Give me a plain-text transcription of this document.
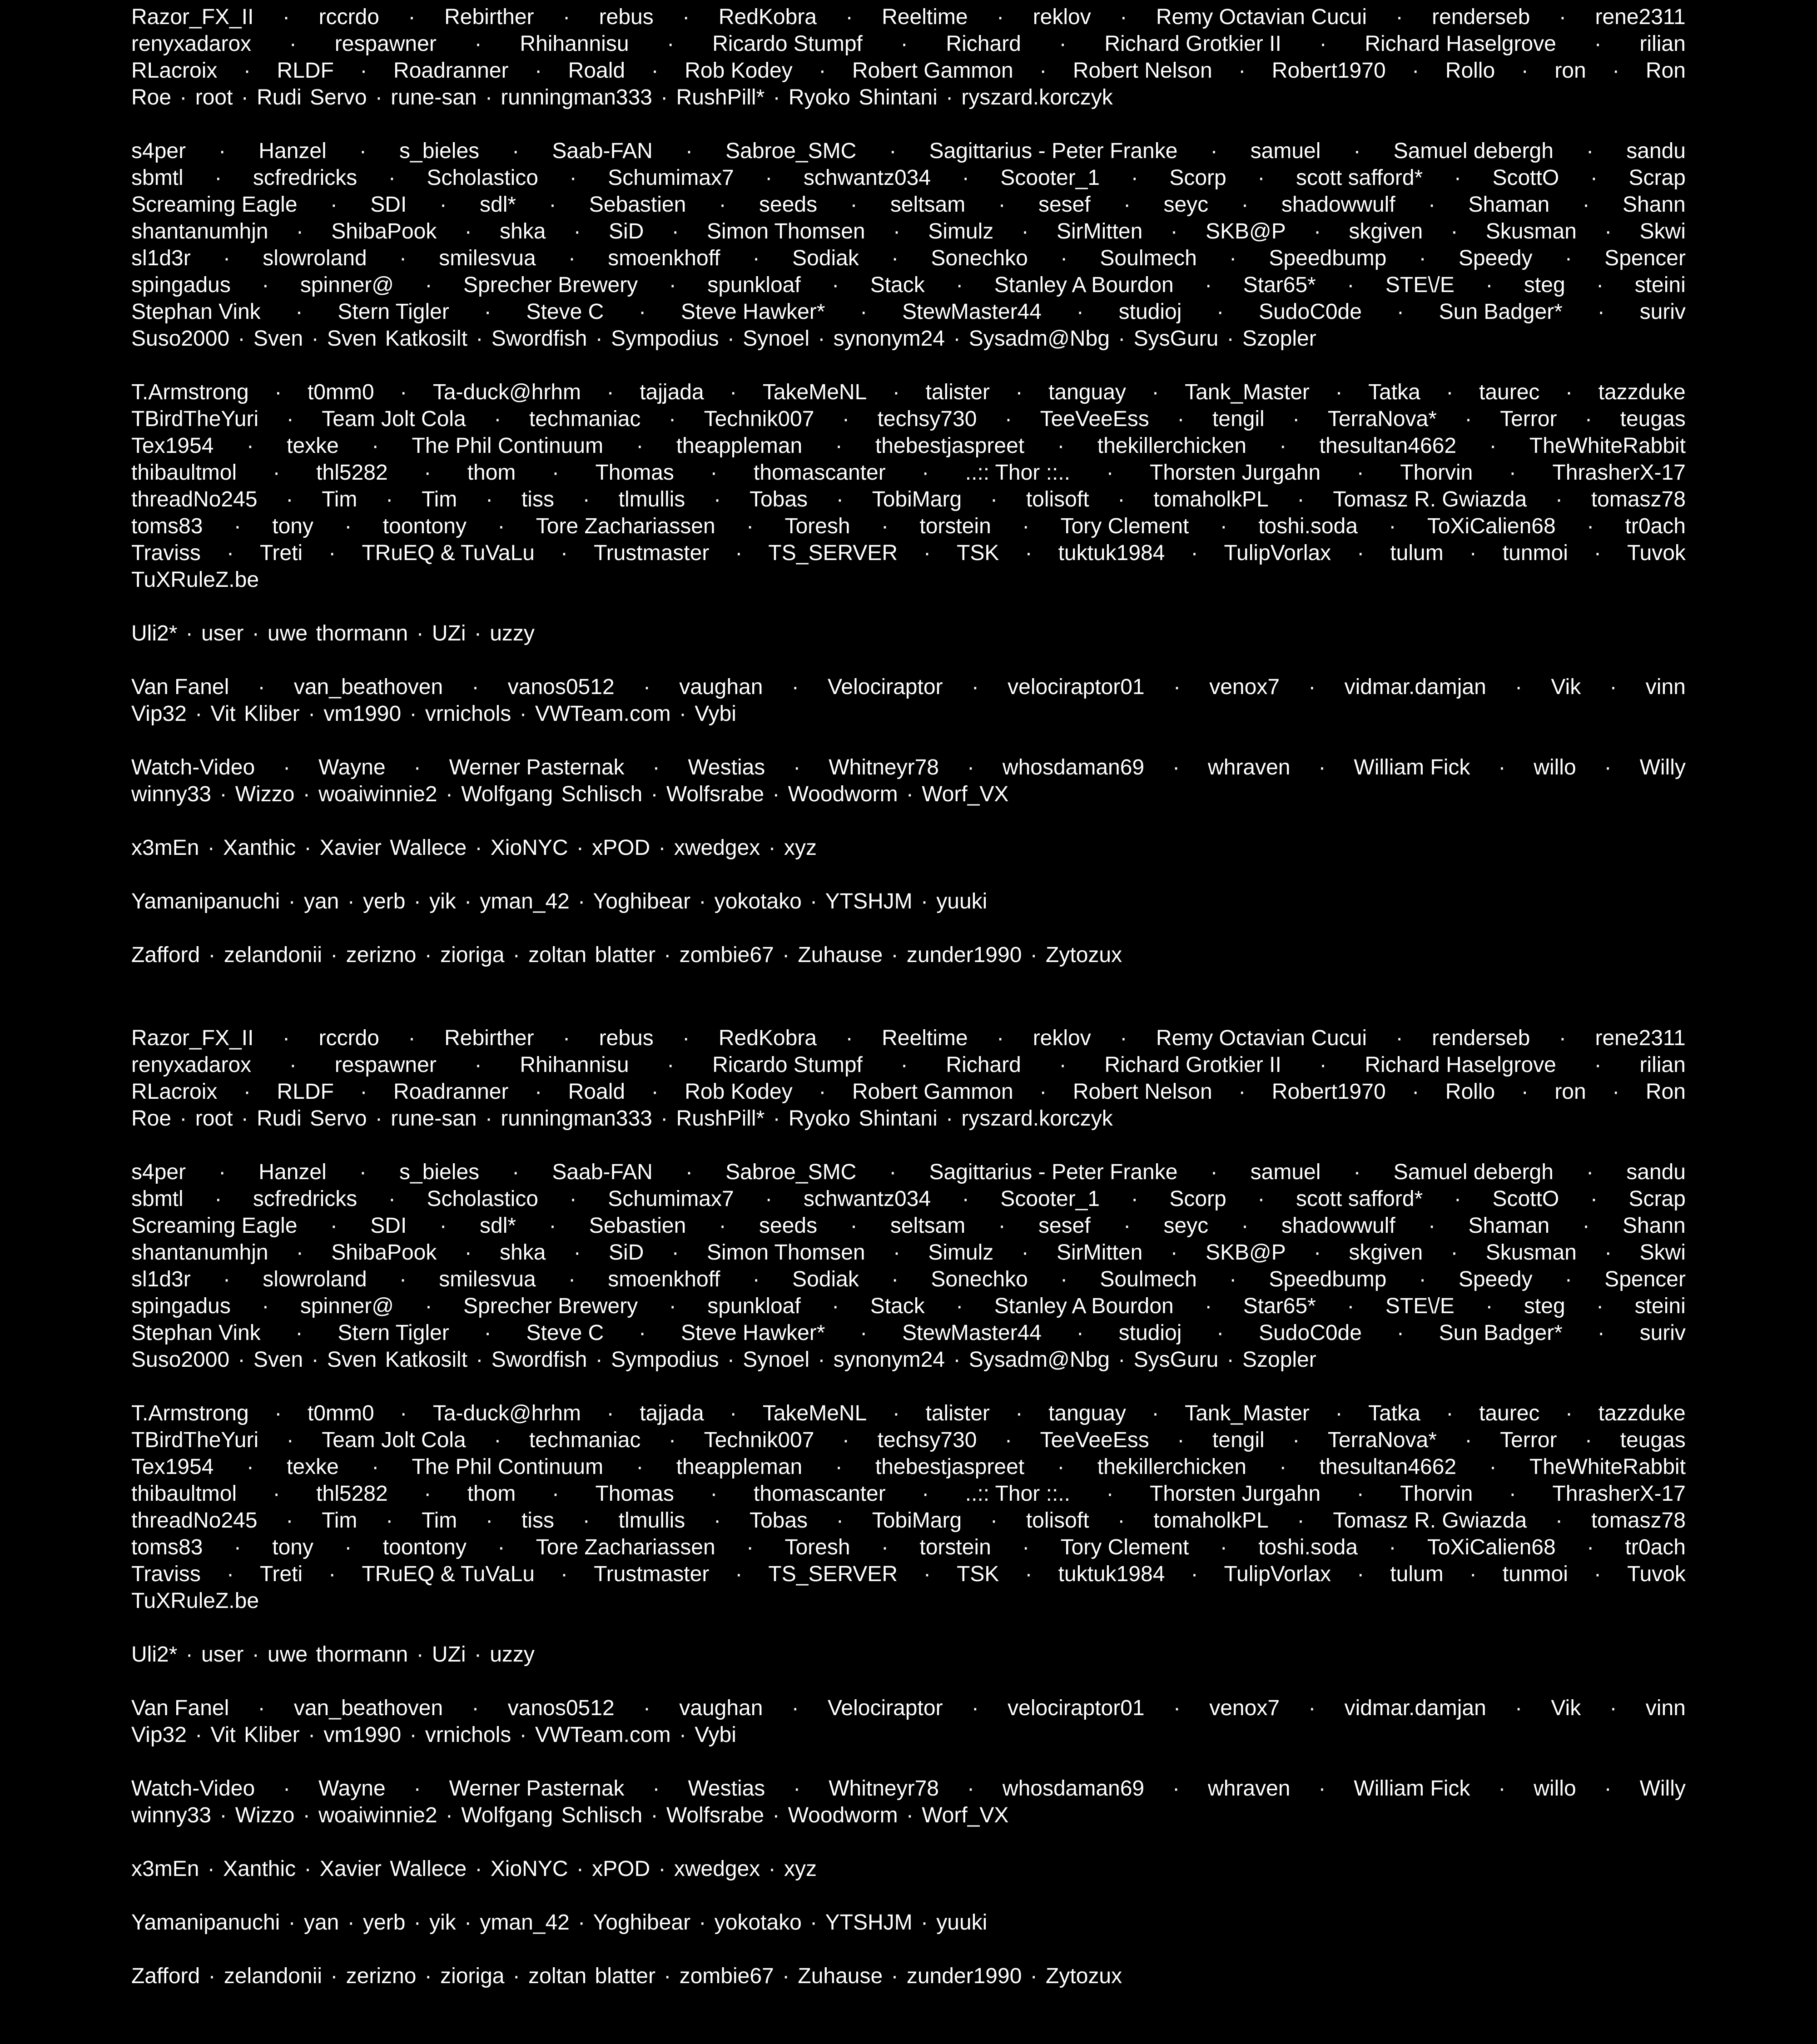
Razor_FX_II · rccrdo · Rebirther · rebus · RedKobra · Reeltime · reklov · Remy Octavian Cucui · renderseb · rene2311
renyxadarox · respawner · Rhihannisu · Ricardo Stumpf · Richard · Richard Grotkier II · Richard Haselgrove · rilian
RLacroix · RLDF · Roadranner · Roald · Rob Kodey · Robert Gammon · Robert Nelson · Robert1970 · Rollo · ron · Ron
Roe · root · Rudi Servo · rune-san · runningman333 · RushPill* · Ryoko Shintani · ryszard.korczyk

s4per · Hanzel · s_bieles · Saab-FAN · Sabroe_SMC · Sagittarius - Peter Franke · samuel · Samuel debergh · sandu
sbmtl · scfredricks · Scholastico · Schumimax7 · schwantz034 · Scooter_1 · Scorp · scott safford* · ScottO · Scrap
Screaming Eagle · SDI · sdl* · Sebastien · seeds · seltsam · sesef · seyc · shadowwulf · Shaman · Shann
shantanumhjn · ShibaPook · shka · SiD · Simon Thomsen · Simulz · SirMitten · SKB@P · skgiven · Skusman · Skwi
sl1d3r · slowroland · smilesvua · smoenkhoff · Sodiak · Sonechko · Soulmech · Speedbump · Speedy · Spencer
spingadus · spinner@ · Sprecher Brewery · spunkloaf · Stack · Stanley A Bourdon · Star65* · STE\/E · steg · steini
Stephan Vink · Stern Tigler · Steve C · Steve Hawker* · StewMaster44 · studioj · SudoC0de · Sun Badger* · suriv
Suso2000 · Sven · Sven Katkosilt · Swordfish · Sympodius · Synoel · synonym24 · Sysadm@Nbg · SysGuru · Szopler

T.Armstrong · t0mm0 · Ta-duck@hrhm · tajjada · TakeMeNL · talister · tanguay · Tank_Master · Tatka · taurec · tazzduke
TBirdTheYuri · Team Jolt Cola · techmaniac · Technik007 · techsy730 · TeeVeeEss · tengil · TerraNova* · Terror · teugas
Tex1954 · texke · The Phil Continuum · theappleman · thebestjaspreet · thekillerchicken · thesultan4662 · TheWhiteRabbit
thibaultmol · thl5282 · thom · Thomas · thomascanter · ..:: Thor ::.. · Thorsten Jurgahn · Thorvin · ThrasherX-17
threadNo245 · Tim · Tim · tiss · tlmullis · Tobas · TobiMarg · tolisoft · tomaholkPL · Tomasz R. Gwiazda · tomasz78
toms83 · tony · toontony · Tore Zachariassen · Toresh · torstein · Tory Clement · toshi.soda · ToXiCalien68 · tr0ach
Traviss · Treti · TRuEQ & TuVaLu · Trustmaster · TS_SERVER · TSK · tuktuk1984 · TulipVorlax · tulum · tunmoi · Tuvok
TuXRuleZ.be

Uli2* · user · uwe thormann · UZi · uzzy

Van Fanel · van_beathoven · vanos0512 · vaughan · Velociraptor · velociraptor01 · venox7 · vidmar.damjan · Vik · vinn
Vip32 · Vit Kliber · vm1990 · vrnichols · VWTeam.com · Vybi

Watch-Video · Wayne · Werner Pasternak · Westias · Whitneyr78 · whosdaman69 · whraven · William Fick · willo · Willy
winny33 · Wizzo · woaiwinnie2 · Wolfgang Schlisch · Wolfsrabe · Woodworm · Worf_VX

x3mEn · Xanthic · Xavier Wallece · XioNYC · xPOD · xwedgex · xyz

Yamanipanuchi · yan · yerb · yik · yman_42 · Yoghibear · yokotako · YTSHJM · yuuki

Zafford · zelandonii · zerizno · zioriga · zoltan blatter · zombie67 · Zuhause · zunder1990 · Zytozux

Razor_FX_II · rccrdo · Rebirther · rebus · RedKobra · Reeltime · reklov · Remy Octavian Cucui · renderseb · rene2311
renyxadarox · respawner · Rhihannisu · Ricardo Stumpf · Richard · Richard Grotkier II · Richard Haselgrove · rilian
RLacroix · RLDF · Roadranner · Roald · Rob Kodey · Robert Gammon · Robert Nelson · Robert1970 · Rollo · ron · Ron
Roe · root · Rudi Servo · rune-san · runningman333 · RushPill* · Ryoko Shintani · ryszard.korczyk

s4per · Hanzel · s_bieles · Saab-FAN · Sabroe_SMC · Sagittarius - Peter Franke · samuel · Samuel debergh · sandu
sbmtl · scfredricks · Scholastico · Schumimax7 · schwantz034 · Scooter_1 · Scorp · scott safford* · ScottO · Scrap
Screaming Eagle · SDI · sdl* · Sebastien · seeds · seltsam · sesef · seyc · shadowwulf · Shaman · Shann
shantanumhjn · ShibaPook · shka · SiD · Simon Thomsen · Simulz · SirMitten · SKB@P · skgiven · Skusman · Skwi
sl1d3r · slowroland · smilesvua · smoenkhoff · Sodiak · Sonechko · Soulmech · Speedbump · Speedy · Spencer
spingadus · spinner@ · Sprecher Brewery · spunkloaf · Stack · Stanley A Bourdon · Star65* · STE\/E · steg · steini
Stephan Vink · Stern Tigler · Steve C · Steve Hawker* · StewMaster44 · studioj · SudoC0de · Sun Badger* · suriv
Suso2000 · Sven · Sven Katkosilt · Swordfish · Sympodius · Synoel · synonym24 · Sysadm@Nbg · SysGuru · Szopler

T.Armstrong · t0mm0 · Ta-duck@hrhm · tajjada · TakeMeNL · talister · tanguay · Tank_Master · Tatka · taurec · tazzduke
TBirdTheYuri · Team Jolt Cola · techmaniac · Technik007 · techsy730 · TeeVeeEss · tengil · TerraNova* · Terror · teugas
Tex1954 · texke · The Phil Continuum · theappleman · thebestjaspreet · thekillerchicken · thesultan4662 · TheWhiteRabbit
thibaultmol · thl5282 · thom · Thomas · thomascanter · ..:: Thor ::.. · Thorsten Jurgahn · Thorvin · ThrasherX-17
threadNo245 · Tim · Tim · tiss · tlmullis · Tobas · TobiMarg · tolisoft · tomaholkPL · Tomasz R. Gwiazda · tomasz78
toms83 · tony · toontony · Tore Zachariassen · Toresh · torstein · Tory Clement · toshi.soda · ToXiCalien68 · tr0ach
Traviss · Treti · TRuEQ & TuVaLu · Trustmaster · TS_SERVER · TSK · tuktuk1984 · TulipVorlax · tulum · tunmoi · Tuvok
TuXRuleZ.be

Uli2* · user · uwe thormann · UZi · uzzy

Van Fanel · van_beathoven · vanos0512 · vaughan · Velociraptor · velociraptor01 · venox7 · vidmar.damjan · Vik · vinn
Vip32 · Vit Kliber · vm1990 · vrnichols · VWTeam.com · Vybi

Watch-Video · Wayne · Werner Pasternak · Westias · Whitneyr78 · whosdaman69 · whraven · William Fick · willo · Willy
winny33 · Wizzo · woaiwinnie2 · Wolfgang Schlisch · Wolfsrabe · Woodworm · Worf_VX

x3mEn · Xanthic · Xavier Wallece · XioNYC · xPOD · xwedgex · xyz

Yamanipanuchi · yan · yerb · yik · yman_42 · Yoghibear · yokotako · YTSHJM · yuuki

Zafford · zelandonii · zerizno · zioriga · zoltan blatter · zombie67 · Zuhause · zunder1990 · Zytozux
